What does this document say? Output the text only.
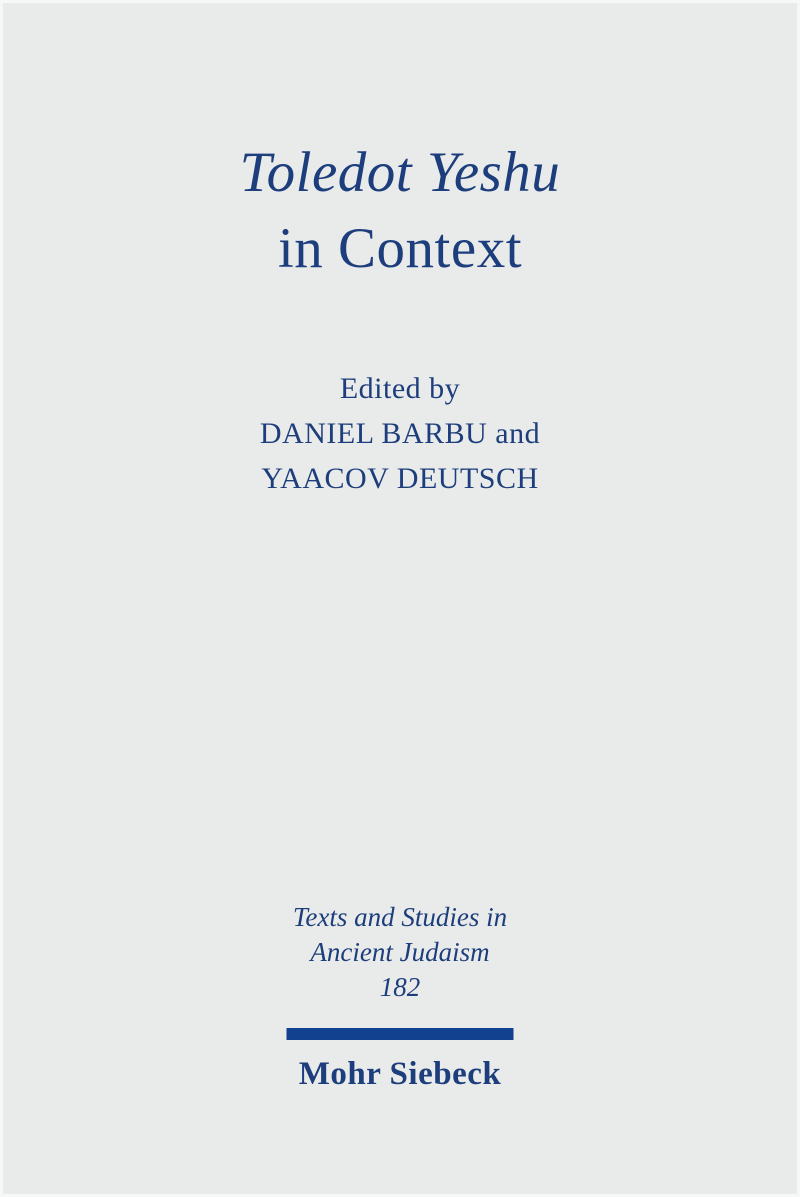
Toledot Yeshu
in Context
Edited by
DANIEL BARBU and
YAACOV DEUTSCH
Texts and Studies in
Ancient Judaism
182
Mohr Siebeck
